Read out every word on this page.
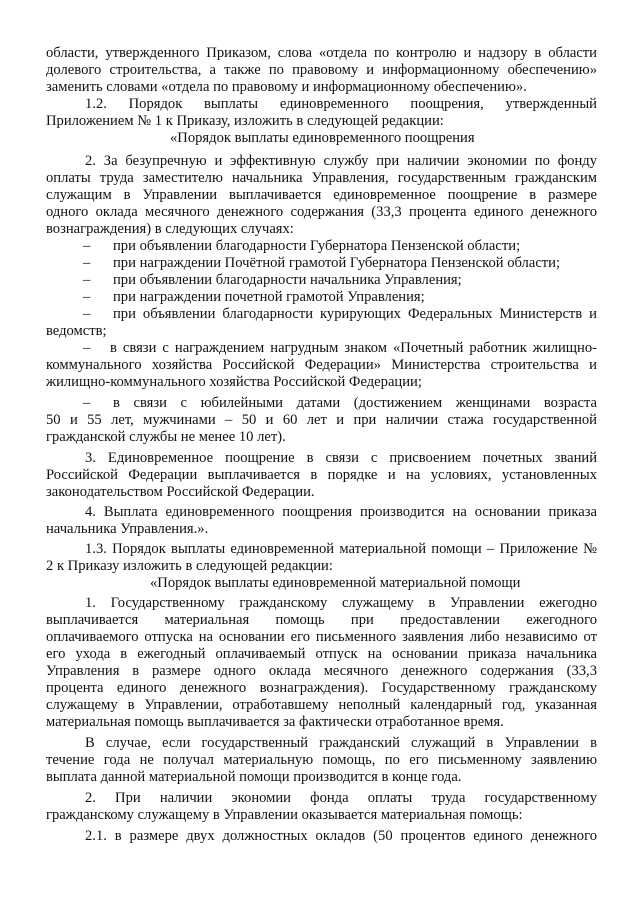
области, утвержденного Приказом, слова «отдела по контролю и надзору в области
долевого строительства, а также по правовому и информационному обеспечению»
заменить словами «отдела по правовому и информационному обеспечению».
1.2. Порядок выплаты единовременного поощрения, утвержденный
Приложением № 1 к Приказу, изложить в следующей редакции:
«Порядок выплаты единовременного поощрения
2. За безупречную и эффективную службу при наличии экономии по фонду
оплаты труда заместителю начальника Управления, государственным гражданским
служащим в Управлении выплачивается единовременное поощрение в размере
одного оклада месячного денежного содержания (33,3 процента единого денежного
вознаграждения) в следующих случаях:
– при объявлении благодарности Губернатора Пензенской области;
– при награждении Почётной грамотой Губернатора Пензенской области;
– при объявлении благодарности начальника Управления;
– при награждении почетной грамотой Управления;
– при объявлении благодарности курирующих Федеральных Министерств и
ведомств;
– в связи с награждением нагрудным знаком «Почетный работник жилищно-
коммунального хозяйства Российской Федерации» Министерства строительства и
жилищно-коммунального хозяйства Российской Федерации;
– в связи с юбилейными датами (достижением женщинами возраста
50 и 55 лет, мужчинами – 50 и 60 лет и при наличии стажа государственной
гражданской службы не менее 10 лет).
3. Единовременное поощрение в связи с присвоением почетных званий
Российской Федерации выплачивается в порядке и на условиях, установленных
законодательством Российской Федерации.
4. Выплата единовременного поощрения производится на основании приказа
начальника Управления.».
1.3. Порядок выплаты единовременной материальной помощи – Приложение №
2 к Приказу изложить в следующей редакции:
«Порядок выплаты единовременной материальной помощи
1. Государственному гражданскому служащему в Управлении ежегодно
выплачивается материальная помощь при предоставлении ежегодного
оплачиваемого отпуска на основании его письменного заявления либо независимо от
его ухода в ежегодный оплачиваемый отпуск на основании приказа начальника
Управления в размере одного оклада месячного денежного содержания (33,3
процента единого денежного вознаграждения). Государственному гражданскому
служащему в Управлении, отработавшему неполный календарный год, указанная
материальная помощь выплачивается за фактически отработанное время.
В случае, если государственный гражданский служащий в Управлении в
течение года не получал материальную помощь, по его письменному заявлению
выплата данной материальной помощи производится в конце года.
2. При наличии экономии фонда оплаты труда государственному
гражданскому служащему в Управлении оказывается материальная помощь:
2.1. в размере двух должностных окладов (50 процентов единого денежного
